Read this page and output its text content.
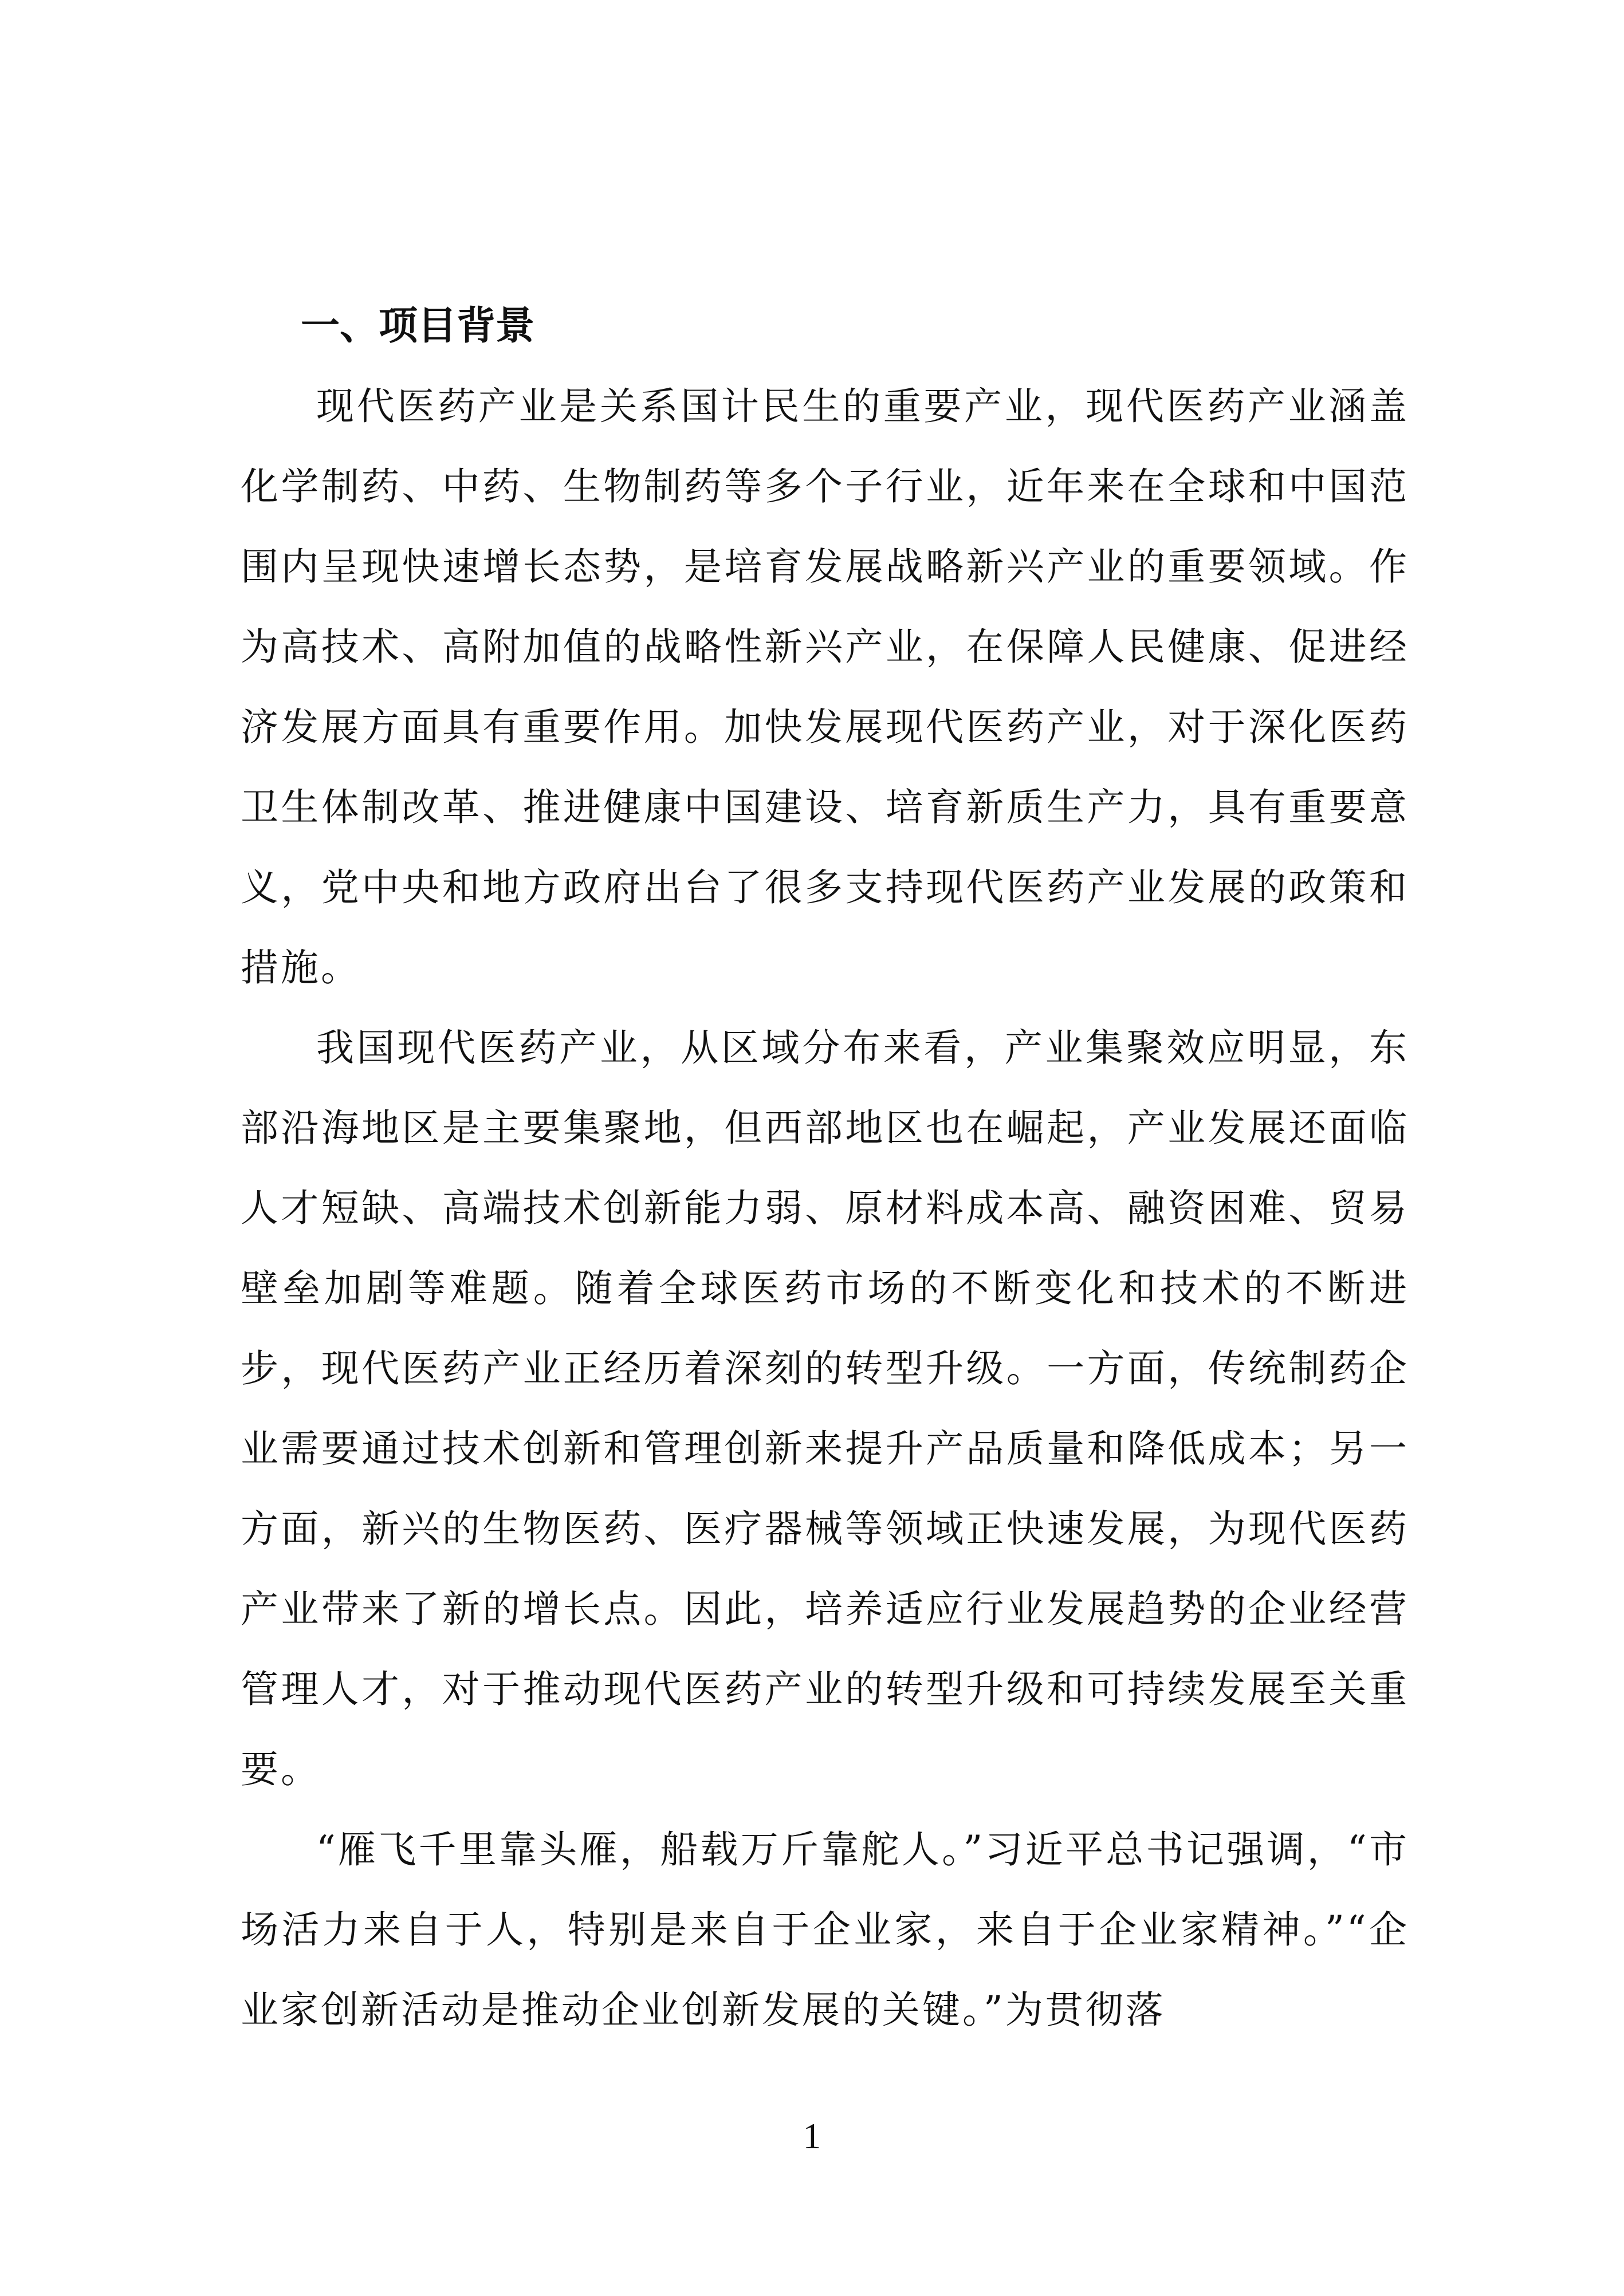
一、项目背景

现代医药产业是关系国计民生的重要产业，现代医药产业涵盖化学制药、中药、生物制药等多个子行业，近年来在全球和中国范围内呈现快速增长态势，是培育发展战略新兴产业的重要领域。作为高技术、高附加值的战略性新兴产业，在保障人民健康、促进经济发展方面具有重要作用。加快发展现代医药产业，对于深化医药卫生体制改革、推进健康中国建设、培育新质生产力，具有重要意义，党中央和地方政府出台了很多支持现代医药产业发展的政策和措施。

我国现代医药产业，从区域分布来看，产业集聚效应明显，东部沿海地区是主要集聚地，但西部地区也在崛起，产业发展还面临人才短缺、高端技术创新能力弱、原材料成本高、融资困难、贸易壁垒加剧等难题。随着全球医药市场的不断变化和技术的不断进步，现代医药产业正经历着深刻的转型升级。一方面，传统制药企业需要通过技术创新和管理创新来提升产品质量和降低成本；另一方面，新兴的生物医药、医疗器械等领域正快速发展，为现代医药产业带来了新的增长点。因此，培养适应行业发展趋势的企业经营管理人才，对于推动现代医药产业的转型升级和可持续发展至关重要。

“雁飞千里靠头雁，船载万斤靠舵人。”习近平总书记强调，“市场活力来自于人，特别是来自于企业家，来自于企业家精神。”“企业家创新活动是推动企业创新发展的关键。”为贯彻落

1
